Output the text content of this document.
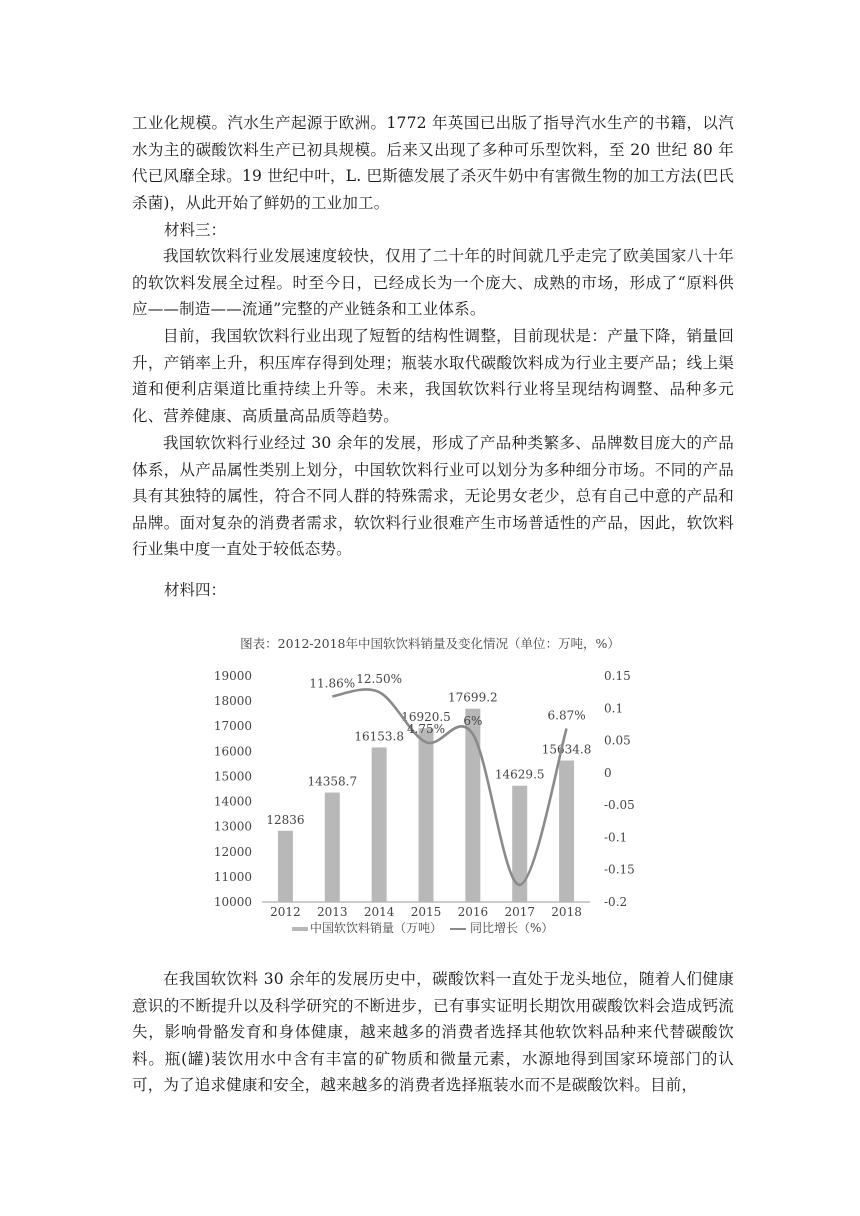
工业化规模。汽水生产起源于欧洲。1772 年英国已出版了指导汽水生产的书籍，以汽水为主的碳酸饮料生产已初具规模。后来又出现了多种可乐型饮料，至 20 世纪 80 年代已风靡全球。19 世纪中叶，L. 巴斯德发展了杀灭牛奶中有害微生物的加工方法(巴氏杀菌)，从此开始了鲜奶的工业加工。

材料三：

我国软饮料行业发展速度较快，仅用了二十年的时间就几乎走完了欧美国家八十年的软饮料发展全过程。时至今日，已经成长为一个庞大、成熟的市场，形成了“原料供应——制造——流通”完整的产业链条和工业体系。

目前，我国软饮料行业出现了短暂的结构性调整，目前现状是：产量下降，销量回升，产销率上升，积压库存得到处理；瓶装水取代碳酸饮料成为行业主要产品；线上渠道和便利店渠道比重持续上升等。未来，我国软饮料行业将呈现结构调整、品种多元化、营养健康、高质量高品质等趋势。

我国软饮料行业经过 30 余年的发展，形成了产品种类繁多、品牌数目庞大的产品体系，从产品属性类别上划分，中国软饮料行业可以划分为多种细分市场。不同的产品具有其独特的属性，符合不同人群的特殊需求，无论男女老少，总有自己中意的产品和品牌。面对复杂的消费者需求，软饮料行业很难产生市场普适性的产品，因此，软饮料行业集中度一直处于较低态势。

材料四：

图表：2012-2018年中国软饮料销量及变化情况（单位：万吨，%）
10000
11000
12000
13000
14000
15000
16000
17000
18000
19000
-0.2
-0.15
-0.1
-0.05
0
0.05
0.1
0.15
2012 2013 2014 2015 2016 2017 2018
12836
14358.7
16153.8
16920.5
17699.2
14629.5
15634.8
11.86% 12.50%
4.75%
6%	6.87%
中国软饮料销量（万吨） 同比增长（%）

在我国软饮料 30 余年的发展历史中，碳酸饮料一直处于龙头地位，随着人们健康意识的不断提升以及科学研究的不断进步，已有事实证明长期饮用碳酸饮料会造成钙流失，影响骨骼发育和身体健康，越来越多的消费者选择其他软饮料品种来代替碳酸饮料。瓶(罐)装饮用水中含有丰富的矿物质和微量元素，水源地得到国家环境部门的认可，为了追求健康和安全，越来越多的消费者选择瓶装水而不是碳酸饮料。目前，
